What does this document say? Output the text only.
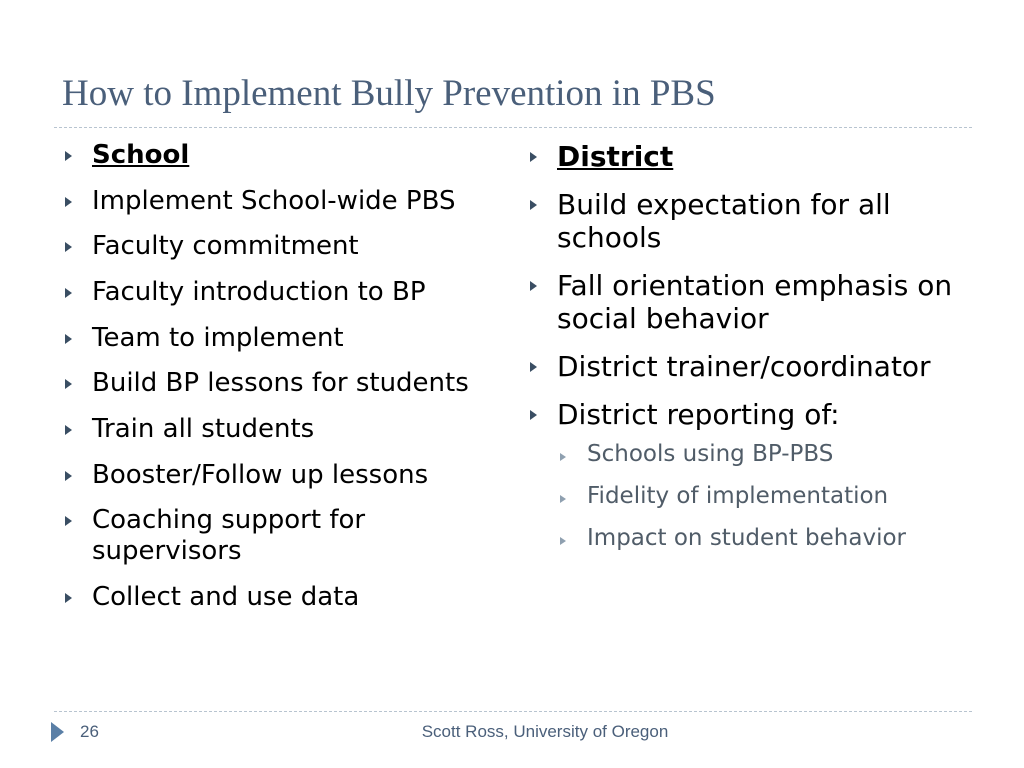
How to Implement Bully Prevention in PBS
School
Implement School-wide PBS
Faculty commitment
Faculty introduction to BP
Team to implement
Build BP lessons for students
Train all students
Booster/Follow up lessons
Coaching support for supervisors
Collect and use data
District
Build expectation for all schools
Fall orientation emphasis on social behavior
District trainer/coordinator
District reporting of:
Schools using BP-PBS
Fidelity of implementation
Impact on student behavior
26	Scott Ross, University of Oregon
